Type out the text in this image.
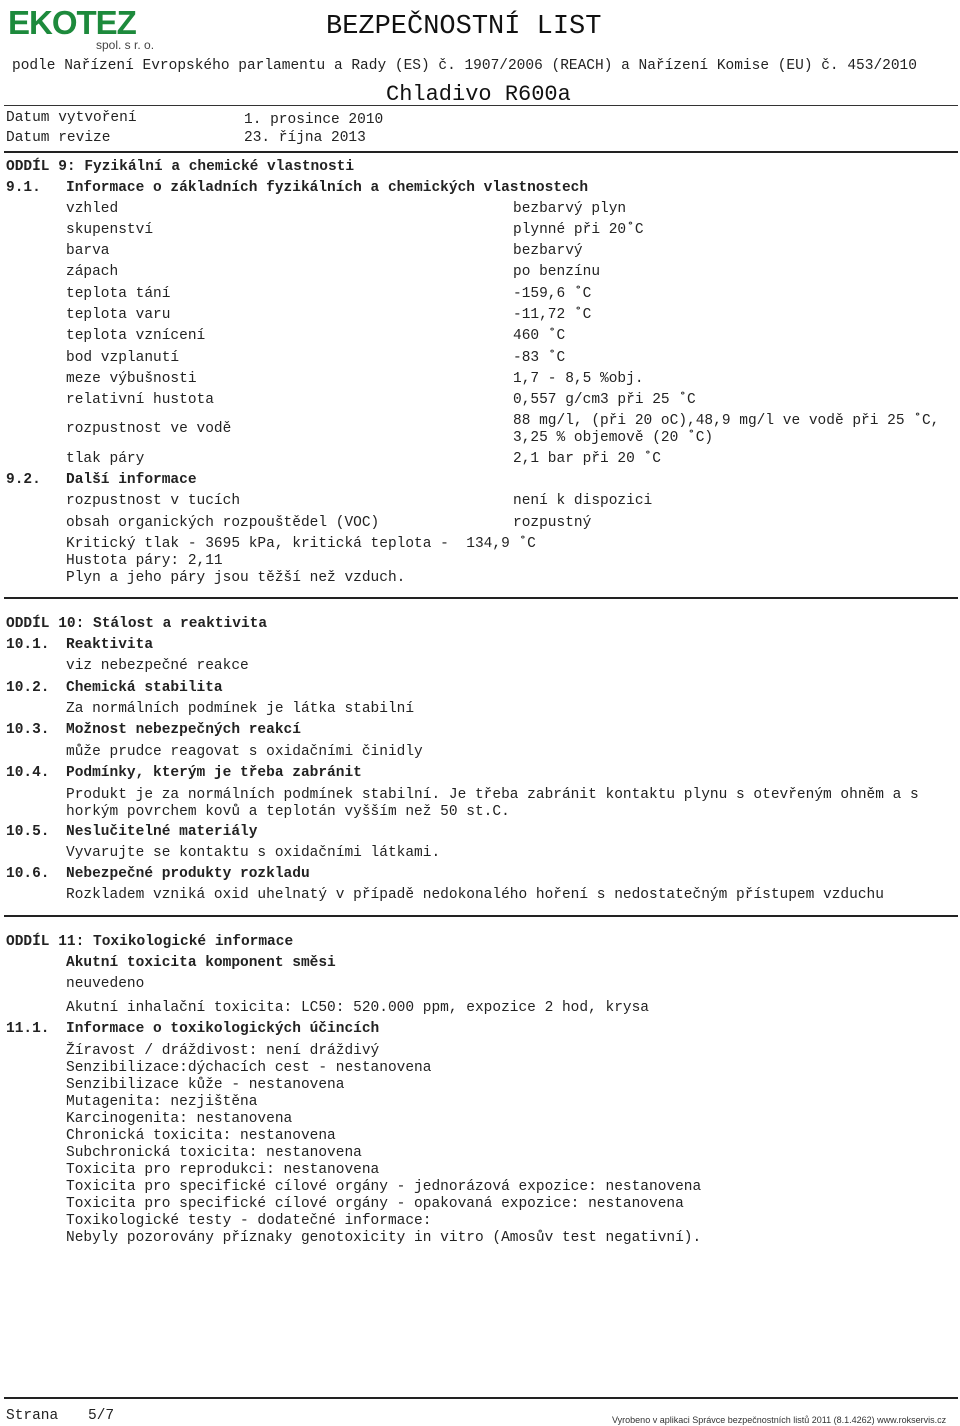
EKOTEZ
spol. s r. o.
BEZPEČNOSTNÍ LIST
podle Nařízení Evropského parlamentu a Rady (ES) č. 1907/2006 (REACH) a Nařízení Komise (EU) č. 453/2010
Chladivo R600a
Datum vytvoření	1. prosince 2010
Datum revize	23. října 2013
ODDÍL 9: Fyzikální a chemické vlastnosti
9.1. Informace o základních fyzikálních a chemických vlastnostech
vzhled	bezbarvý plyn
skupenství	plynné při 20˚C
barva	bezbarvý
zápach	po benzínu
teplota tání	-159,6 ˚C
teplota varu	-11,72 ˚C
teplota vznícení	460 ˚C
bod vzplanutí	-83 ˚C
meze výbušnosti	1,7 - 8,5 %obj.
relativní hustota	0,557 g/cm3 při 25 ˚C
rozpustnost ve vodě	88 mg/l, (při 20 oC),48,9 mg/l ve vodě při 25 ˚C,
3,25 % objemově (20 ˚C)
tlak páry	2,1 bar při 20 ˚C
9.2. Další informace
rozpustnost v tucích	není k dispozici
obsah organických rozpouštědel (VOC)	rozpustný
Kritický tlak - 3695 kPa, kritická teplota -  134,9 ˚C
Hustota páry: 2,11
Plyn a jeho páry jsou těžší než vzduch.
ODDÍL 10: Stálost a reaktivita
10.1. Reaktivita
viz nebezpečné reakce
10.2. Chemická stabilita
Za normálních podmínek je látka stabilní
10.3. Možnost nebezpečných reakcí
může prudce reagovat s oxidačními činidly
10.4. Podmínky, kterým je třeba zabránit
Produkt je za normálních podmínek stabilní. Je třeba zabránit kontaktu plynu s otevřeným ohněm a s
horkým povrchem kovů a teplotán vyšším než 50 st.C.
10.5. Neslučitelné materiály
Vyvarujte se kontaktu s oxidačními látkami.
10.6. Nebezpečné produkty rozkladu
Rozkladem vzniká oxid uhelnatý v případě nedokonalého hoření s nedostatečným přístupem vzduchu
ODDÍL 11: Toxikologické informace
Akutní toxicita komponent směsi
neuvedeno
Akutní inhalační toxicita: LC50: 520.000 ppm, expozice 2 hod, krysa
11.1. Informace o toxikologických účincích
Žíravost / dráždivost: není dráždivý
Senzibilizace:dýchacích cest - nestanovena
Senzibilizace kůže - nestanovena
Mutagenita: nezjištěna
Karcinogenita: nestanovena
Chronická toxicita: nestanovena
Subchronická toxicita: nestanovena
Toxicita pro reprodukci: nestanovena
Toxicita pro specifické cílové orgány - jednorázová expozice: nestanovena
Toxicita pro specifické cílové orgány - opakovaná expozice: nestanovena
Toxikologické testy - dodatečné informace:
Nebyly pozorovány příznaky genotoxicity in vitro (Amosův test negativní).
Strana 5/7	Vyrobeno v aplikaci Správce bezpečnostních listů 2011 (8.1.4262) www.rokservis.cz
